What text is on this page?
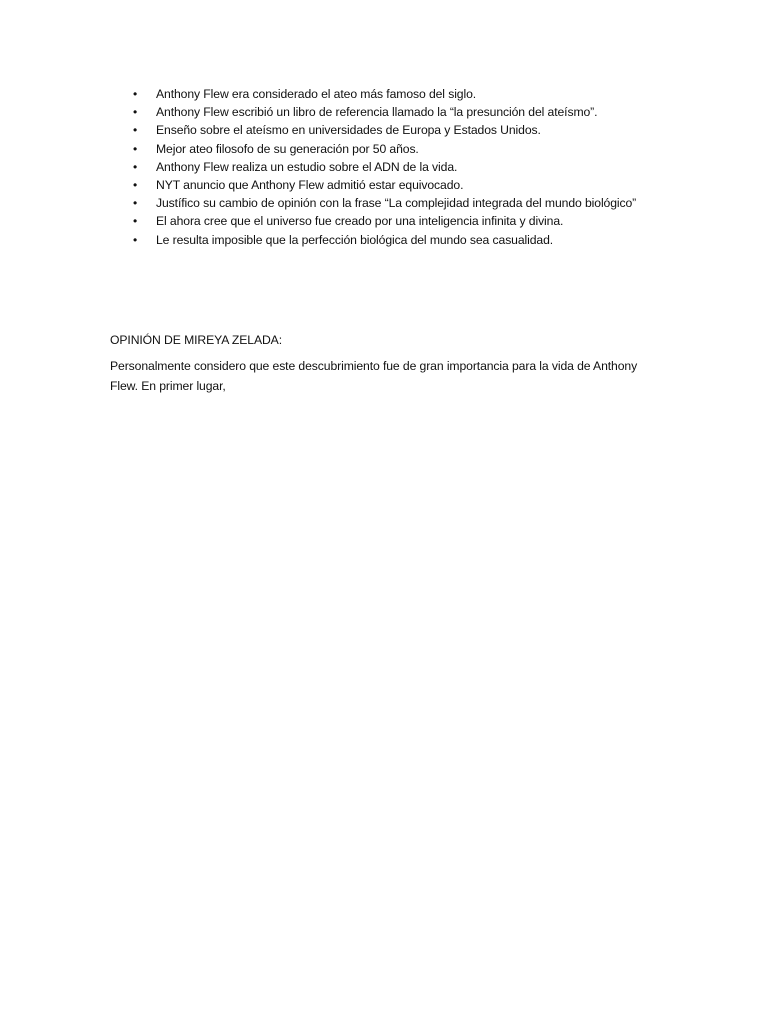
• Anthony Flew era considerado el ateo más famoso del siglo.
• Anthony Flew escribió un libro de referencia llamado la “la presunción del ateísmo”.
• Enseño sobre el ateísmo en universidades de Europa y Estados Unidos.
• Mejor ateo filosofo de su generación por 50 años.
• Anthony Flew realiza un estudio sobre el ADN de la vida.
• NYT anuncio que Anthony Flew admitió estar equivocado.
• Justífico su cambio de opinión con la frase “La complejidad integrada del mundo biológico”
• El ahora cree que el universo fue creado por una inteligencia infinita y divina.
• Le resulta imposible que la perfección biológica del mundo sea casualidad.

OPINIÓN DE MIREYA ZELADA:

Personalmente considero que este descubrimiento fue de gran importancia para la vida de Anthony Flew. En primer lugar,
